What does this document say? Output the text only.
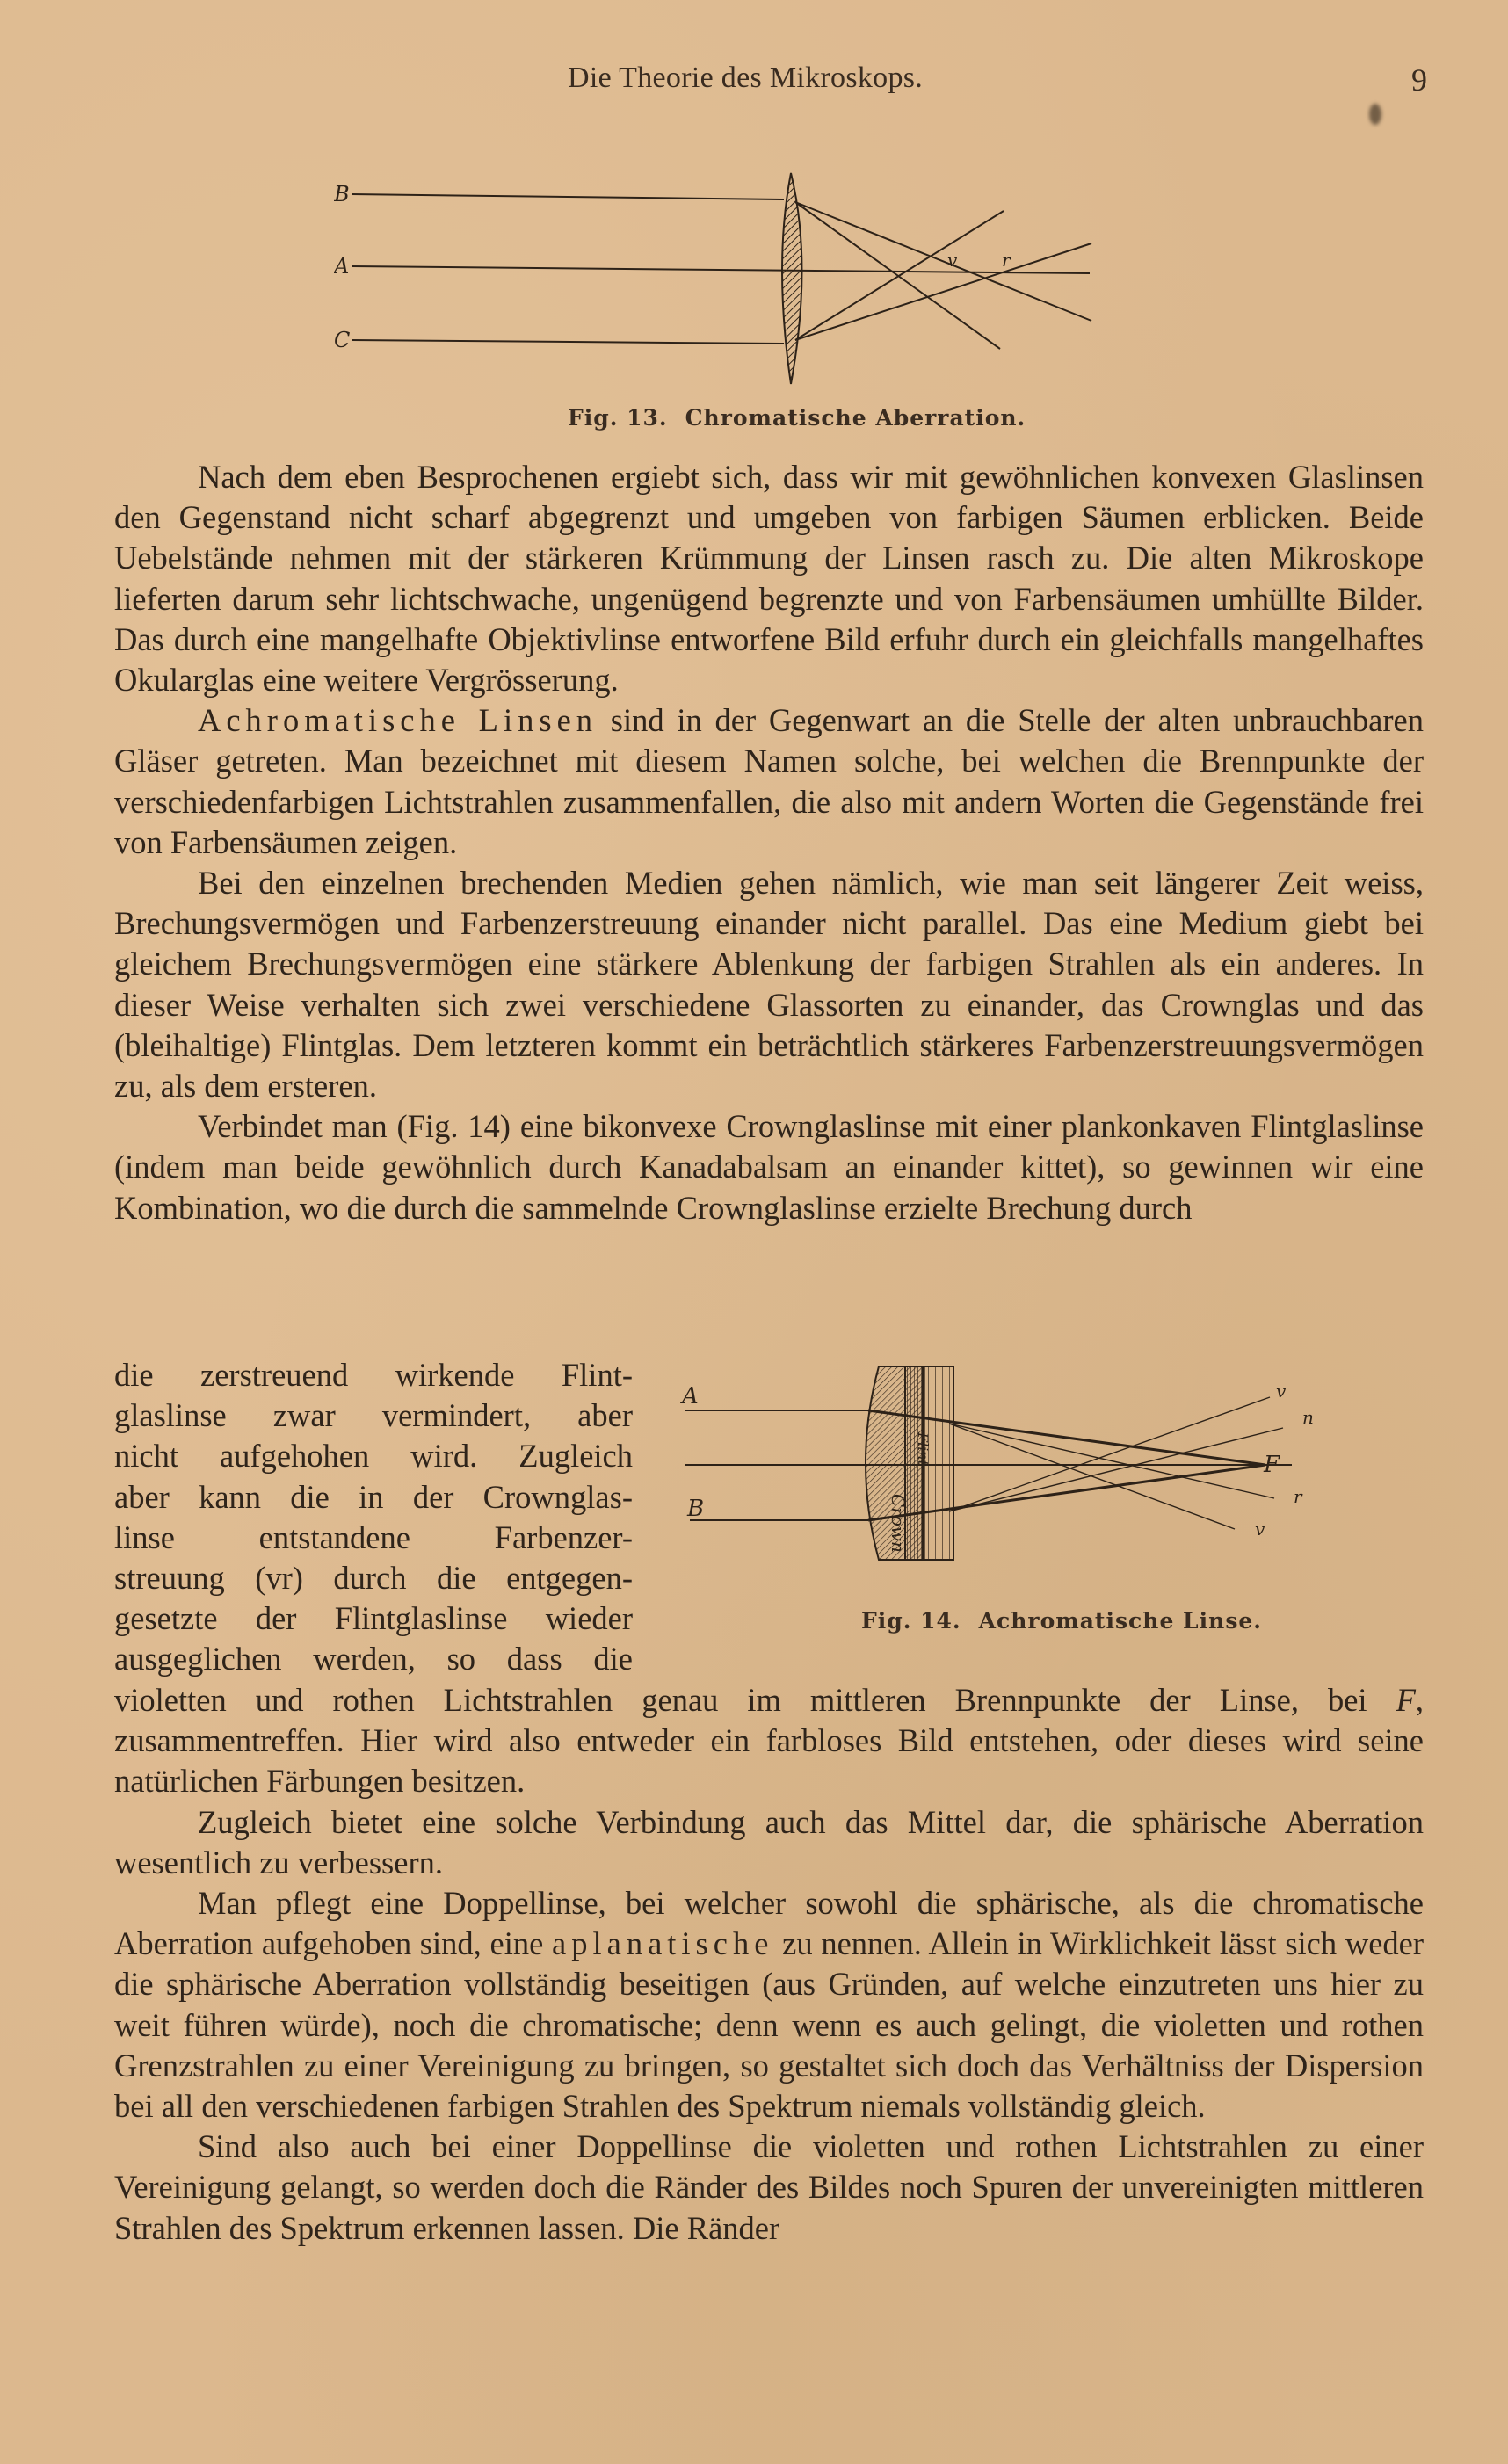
Die Theorie des Mikroskops.	9
B
A
C
v	r
Fig. 13. Chromatische Aberration.

Nach dem eben Besprochenen ergiebt sich, dass wir mit gewöhnlichen konvexen Glaslinsen den Gegenstand nicht scharf abgegrenzt und umgeben von farbigen Säumen erblicken. Beide Uebelstände nehmen mit der stärkeren Krümmung der Linsen rasch zu. Die alten Mikroskope lieferten darum sehr lichtschwache, ungenügend begrenzte und von Farbensäumen umhüllte Bilder. Das durch eine mangelhafte Objektivlinse entworfene Bild erfuhr durch ein gleichfalls mangelhaftes Okularglas eine weitere Vergrösserung.

Achromatische Linsen sind in der Gegenwart an die Stelle der alten unbrauchbaren Gläser getreten. Man bezeichnet mit diesem Namen solche, bei welchen die Brennpunkte der verschiedenfarbigen Lichtstrahlen zusammenfallen, die also mit andern Worten die Gegenstände frei von Farbensäumen zeigen.

Bei den einzelnen brechenden Medien gehen nämlich, wie man seit längerer Zeit weiss, Brechungsvermögen und Farbenzerstreuung einander nicht parallel. Das eine Medium giebt bei gleichem Brechungsvermögen eine stärkere Ablenkung der farbigen Strahlen als ein anderes. In dieser Weise verhalten sich zwei verschiedene Glassorten zu einander, das Crownglas und das (bleihaltige) Flintglas. Dem letzteren kommt ein beträchtlich stärkeres Farbenzerstreuungsvermögen zu, als dem ersteren.

Verbindet man (Fig. 14) eine bikonvexe Crownglaslinse mit einer plankonkaven Flintglaslinse (indem man beide gewöhnlich durch Kanadabalsam an einander kittet), so gewinnen wir eine Kombination, wo die durch die sammelnde Crownglaslinse erzielte Brechung durch

die zerstreuend wirkende Flint-
glaslinse zwar vermindert, aber
nicht aufgehohen wird. Zugleich
aber kann die in der Crownglas-
linse entstandene Farbenzer-
streuung (vr) durch die entgegen-
gesetzte der Flintglaslinse wieder
ausgeglichen werden, so dass die
A
B
F
v
n
r
v
Crown
Flint
Fig. 14. Achromatische Linse.

violetten und rothen Lichtstrahlen genau im mittleren Brennpunkte der Linse, bei F, zusammentreffen. Hier wird also entweder ein farbloses Bild entstehen, oder dieses wird seine natürlichen Färbungen besitzen.

Zugleich bietet eine solche Verbindung auch das Mittel dar, die sphärische Aberration wesentlich zu verbessern.

Man pflegt eine Doppellinse, bei welcher sowohl die sphärische, als die chromatische Aberration aufgehoben sind, eine aplanatische zu nennen. Allein in Wirklichkeit lässt sich weder die sphärische Aberration vollständig beseitigen (aus Gründen, auf welche einzutreten uns hier zu weit führen würde), noch die chromatische; denn wenn es auch gelingt, die violetten und rothen Grenzstrahlen zu einer Vereinigung zu bringen, so gestaltet sich doch das Verhältniss der Dispersion bei all den verschiedenen farbigen Strahlen des Spektrum niemals vollständig gleich.

Sind also auch bei einer Doppellinse die violetten und rothen Lichtstrahlen zu einer Vereinigung gelangt, so werden doch die Ränder des Bildes noch Spuren der unvereinigten mittleren Strahlen des Spektrum erkennen lassen. Die Ränder
